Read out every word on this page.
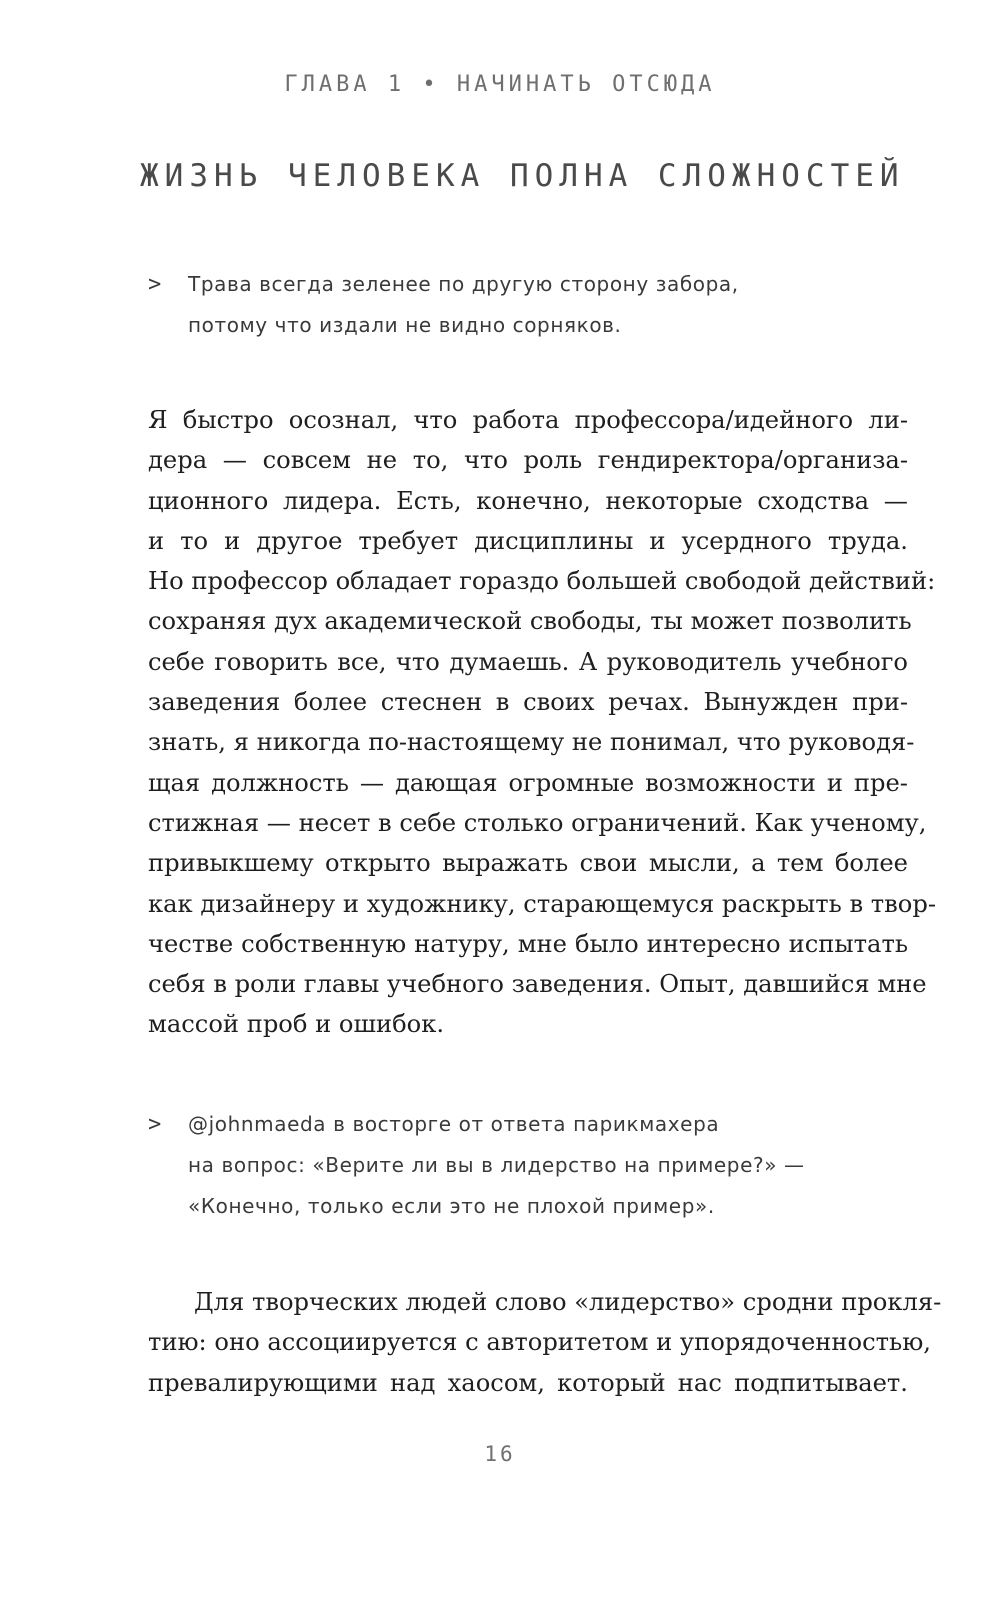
ГЛАВА 1 • НАЧИНАТЬ ОТСЮДА
ЖИЗНЬ ЧЕЛОВЕКА ПОЛНА СЛОЖНОСТЕЙ
>	Трава всегда зеленее по другую сторону забора,
потому что издали не видно сорняков.
Я быстро осознал, что работа профессора/идейного ли-
дера — совсем не то, что роль гендиректора/организа-
ционного лидера. Есть, конечно, некоторые сходства —
и то и другое требует дисциплины и усердного труда.
Но профессор обладает гораздо большей свободой действий:
сохраняя дух академической свободы, ты может позволить
себе говорить все, что думаешь. А руководитель учебного
заведения более стеснен в своих речах. Вынужден при-
знать, я никогда по-настоящему не понимал, что руководя-
щая должность — дающая огромные возможности и пре-
стижная — несет в себе столько ограничений. Как ученому,
привыкшему открыто выражать свои мысли, а тем более
как дизайнеру и художнику, старающемуся раскрыть в твор-
честве собственную натуру, мне было интересно испытать
себя в роли главы учебного заведения. Опыт, давшийся мне
массой проб и ошибок.
>	@johnmaeda в восторге от ответа парикмахера
на вопрос: «Верите ли вы в лидерство на примере?» —
«Конечно, только если это не плохой пример».
Для творческих людей слово «лидерство» сродни прокля-
тию: оно ассоциируется с авторитетом и упорядоченностью,
превалирующими над хаосом, который нас подпитывает.
16
